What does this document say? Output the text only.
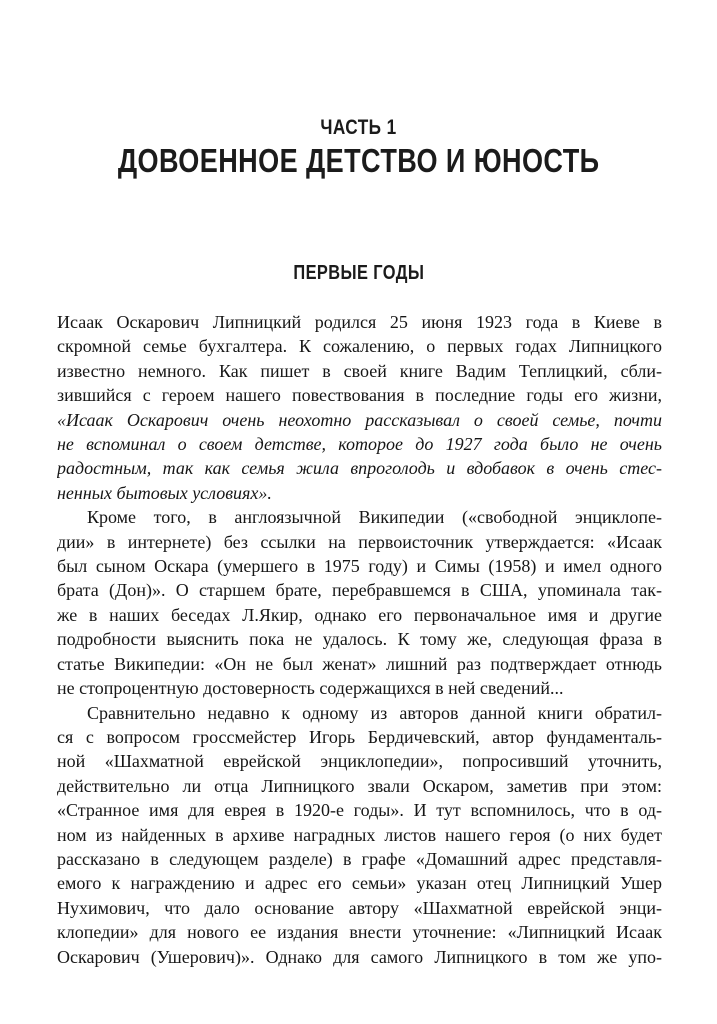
ЧАСТЬ 1
ДОВОЕННОЕ ДЕТСТВО И ЮНОСТЬ
ПЕРВЫЕ ГОДЫ
Исаак Оскарович Липницкий родился 25 июня 1923 года в Киеве в
скромной семье бухгалтера. К сожалению, о первых годах Липницкого
известно немного. Как пишет в своей книге Вадим Теплицкий, сбли-
зившийся с героем нашего повествования в последние годы его жизни,
«Исаак Оскарович очень неохотно рассказывал о своей семье, почти
не вспоминал о своем детстве, которое до 1927 года было не очень
радостным, так как семья жила впроголодь и вдобавок в очень стес-
ненных бытовых условиях».
Кроме того, в англоязычной Википедии («свободной энциклопе-
дии» в интернете) без ссылки на первоисточник утверждается: «Исаак
был сыном Оскара (умершего в 1975 году) и Симы (1958) и имел одного
брата (Дон)». О старшем брате, перебравшемся в США, упоминала так-
же в наших беседах Л.Якир, однако его первоначальное имя и другие
подробности выяснить пока не удалось. К тому же, следующая фраза в
статье Википедии: «Он не был женат» лишний раз подтверждает отнюдь
не стопроцентную достоверность содержащихся в ней сведений...
Сравнительно недавно к одному из авторов данной книги обратил-
ся с вопросом гроссмейстер Игорь Бердичевский, автор фундаменталь-
ной «Шахматной еврейской энциклопедии», попросивший уточнить,
действительно ли отца Липницкого звали Оскаром, заметив при этом:
«Странное имя для еврея в 1920-е годы». И тут вспомнилось, что в од-
ном из найденных в архиве наградных листов нашего героя (о них будет
рассказано в следующем разделе) в графе «Домашний адрес представля-
емого к награждению и адрес его семьи» указан отец Липницкий Ушер
Нухимович, что дало основание автору «Шахматной еврейской энци-
клопедии» для нового ее издания внести уточнение: «Липницкий Исаак
Оскарович (Ушерович)». Однако для самого Липницкого в том же упо-
